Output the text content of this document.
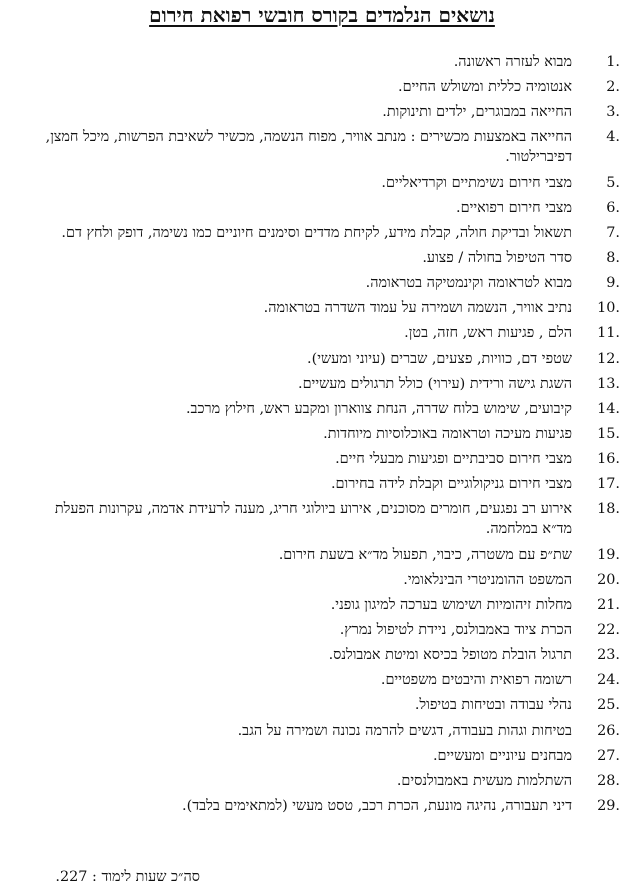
נושאים הנלמדים בקורס חובשי רפואת חירום
1.
מבוא לעזרה ראשונה.
2.
אנטומיה כללית ומשולש החיים.
3.
החייאה במבוגרים, ילדים ותינוקות.
4.
החייאה באמצעות מכשירים : מנתב אוויר, מפוח הנשמה, מכשיר לשאיבת הפרשות, מיכל חמצן, דפיברילטור.
5.
מצבי חירום נשימתיים וקרדיאליים.
6.
מצבי חירום רפואיים.
7.
תשאול ובדיקת חולה, קבלת מידע, לקיחת מדדים וסימנים חיוניים כמו נשימה, דופק ולחץ דם.
8.
סדר הטיפול בחולה / פצוע.
9.
מבוא לטראומה וקינמטיקה בטראומה.
10.
נתיב אוויר, הנשמה ושמירה על עמוד השדרה בטראומה.
11.
הלם , פגיעות ראש, חזה, בטן.
12.
שטפי דם, כוויות, פצעים, שברים (עיוני ומעשי).
13.
השגת גישה ורידית (עירוי) כולל תרגולים מעשיים.
14.
קיבועים, שימוש בלוח שדרה, הנחת צווארון ומקבע ראש, חילוץ מרכב.
15.
פגיעות מעיכה וטראומה באוכלוסיות מיוחדות.
16.
מצבי חירום סביבתיים ופגיעות מבעלי חיים.
17.
מצבי חירום גניקולוגיים וקבלת לידה בחירום.
18.
אירוע רב נפגעים, חומרים מסוכנים, אירוע ביולוגי חריג, מענה לרעידת אדמה, עקרונות הפעלת מד״א במלחמה.
19.
שת״פ עם משטרה, כיבוי, תפעול מד״א בשעת חירום.
20.
המשפט ההומניטרי הבינלאומי.
21.
מחלות זיהומיות ושימוש בערכה למיגון גופני.
22.
הכרת ציוד באמבולנס, ניידת לטיפול נמרץ.
23.
תרגול הובלת מטופל בכיסא ומיטת אמבולנס.
24.
רשומה רפואית והיבטים משפטיים.
25.
נהלי עבודה ובטיחות בטיפול.
26.
בטיחות וגהות בעבודה, דגשים להרמה נכונה ושמירה על הגב.
27.
מבחנים עיוניים ומעשיים.
28.
השתלמות מעשית באמבולנסים.
29.
דיני תעבורה, נהיגה מונעת, הכרת רכב, טסט מעשי (למתאימים בלבד).
סה״כ שעות לימוד : 227.
